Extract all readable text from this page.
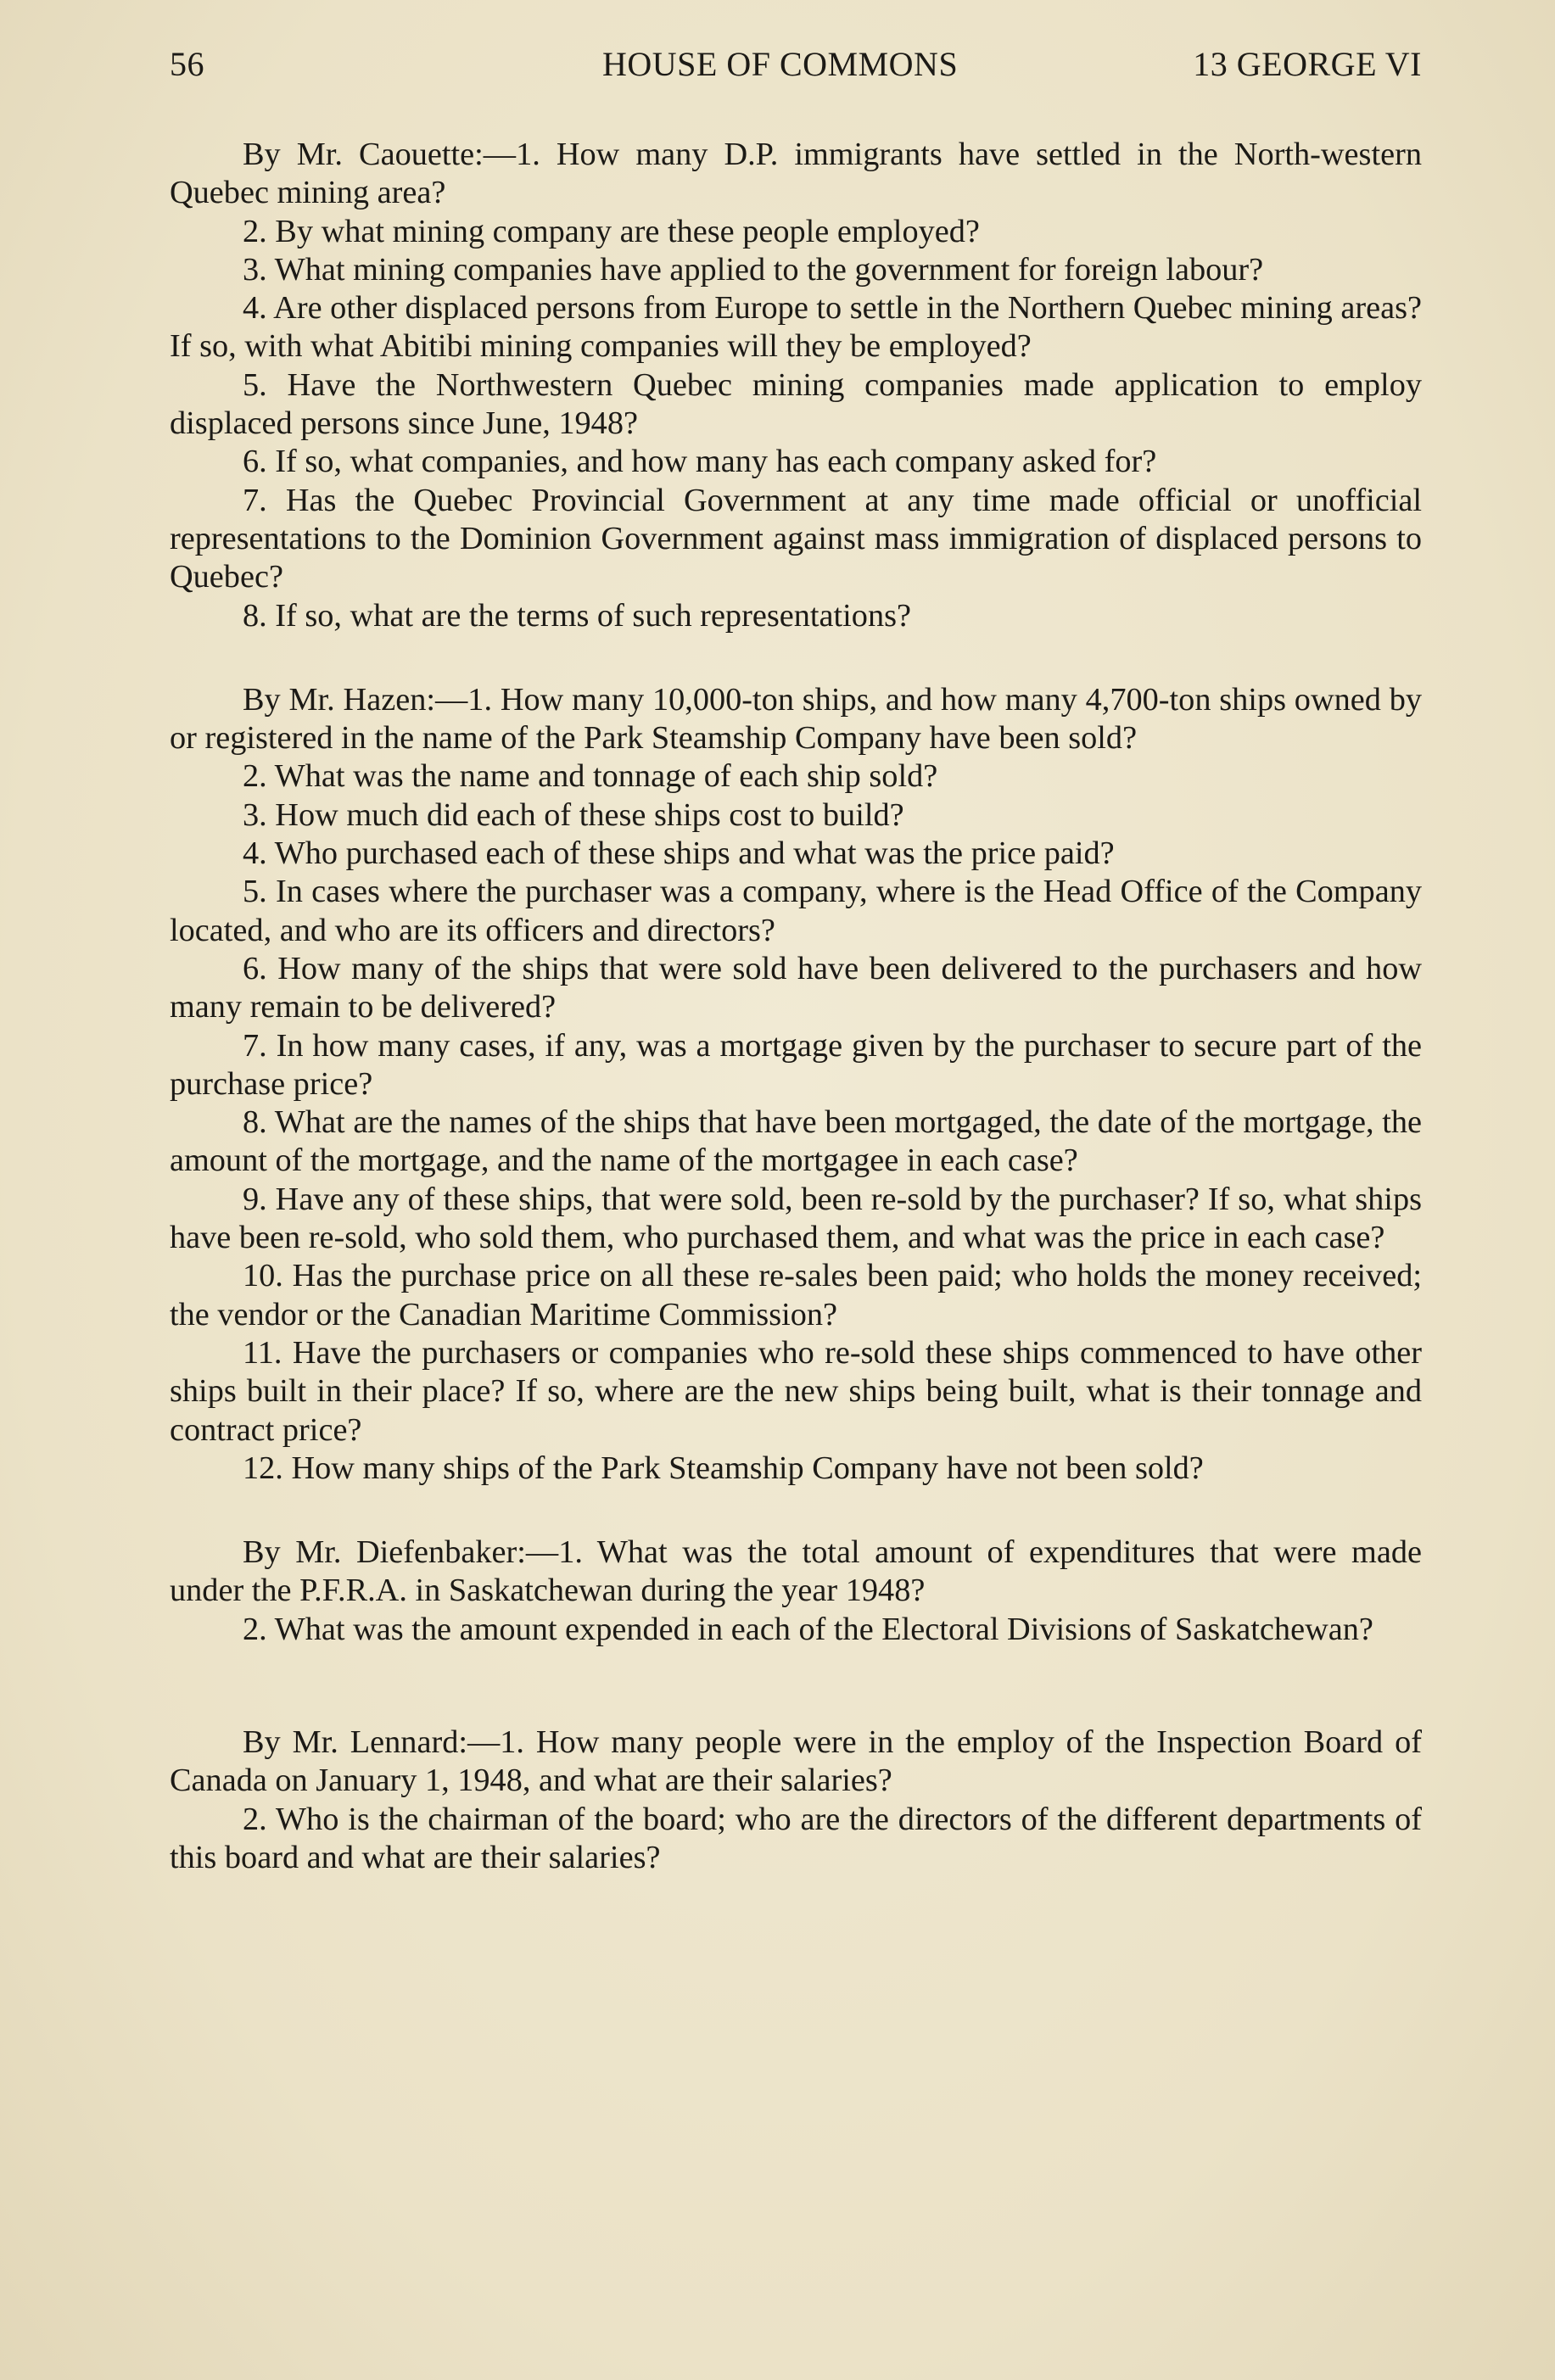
56	HOUSE OF COMMONS	13 GEORGE VI

By Mr. Caouette:—1. How many D.P. immigrants have settled in the North-western Quebec mining area?

2. By what mining company are these people employed?

3. What mining companies have applied to the government for foreign labour?

4. Are other displaced persons from Europe to settle in the Northern Quebec mining areas? If so, with what Abitibi mining companies will they be employed?

5. Have the Northwestern Quebec mining companies made application to employ displaced persons since June, 1948?

6. If so, what companies, and how many has each company asked for?

7. Has the Quebec Provincial Government at any time made official or unofficial representations to the Dominion Government against mass immigration of displaced persons to Quebec?

8. If so, what are the terms of such representations?

By Mr. Hazen:—1. How many 10,000-ton ships, and how many 4,700-ton ships owned by or registered in the name of the Park Steamship Company have been sold?

2. What was the name and tonnage of each ship sold?

3. How much did each of these ships cost to build?

4. Who purchased each of these ships and what was the price paid?

5. In cases where the purchaser was a company, where is the Head Office of the Company located, and who are its officers and directors?

6. How many of the ships that were sold have been delivered to the purchasers and how many remain to be delivered?

7. In how many cases, if any, was a mortgage given by the purchaser to secure part of the purchase price?

8. What are the names of the ships that have been mortgaged, the date of the mortgage, the amount of the mortgage, and the name of the mortgagee in each case?

9. Have any of these ships, that were sold, been re-sold by the purchaser? If so, what ships have been re-sold, who sold them, who purchased them, and what was the price in each case?

10. Has the purchase price on all these re-sales been paid; who holds the money received; the vendor or the Canadian Maritime Commission?

11. Have the purchasers or companies who re-sold these ships commenced to have other ships built in their place? If so, where are the new ships being built, what is their tonnage and contract price?

12. How many ships of the Park Steamship Company have not been sold?

By Mr. Diefenbaker:—1. What was the total amount of expenditures that were made under the P.F.R.A. in Saskatchewan during the year 1948?

2. What was the amount expended in each of the Electoral Divisions of Saskatchewan?

By Mr. Lennard:—1. How many people were in the employ of the Inspection Board of Canada on January 1, 1948, and what are their salaries?

2. Who is the chairman of the board; who are the directors of the different departments of this board and what are their salaries?
